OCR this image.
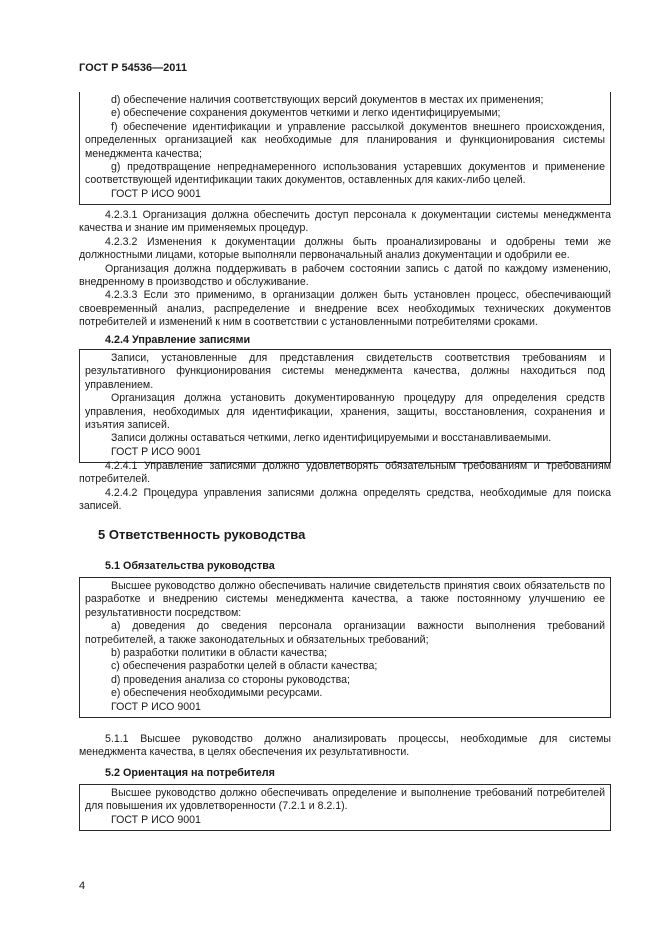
ГОСТ Р 54536—2011

d) обеспечение наличия соответствующих версий документов в местах их применения;

е) обеспечение сохранения документов четкими и легко идентифицируемыми;

f) обеспечение идентификации и управление рассылкой документов внешнего происхождения, определенных организацией как необходимые для планирования и функционирования системы менеджмента качества;

g) предотвращение непреднамеренного использования устаревших документов и применение соответствующей идентификации таких документов, оставленных для каких-либо целей.

ГОСТ Р ИСО 9001

4.2.3.1 Организация должна обеспечить доступ персонала к документации системы менеджмента качества и знание им применяемых процедур.

4.2.3.2 Изменения к документации должны быть проанализированы и одобрены теми же должностными лицами, которые выполняли первоначальный анализ документации и одобрили ее.

Организация должна поддерживать в рабочем состоянии запись с датой по каждому изменению, внедренному в производство и обслуживание.

4.2.3.3 Если это применимо, в организации должен быть установлен процесс, обеспечивающий своевременный анализ, распределение и внедрение всех необходимых технических документов потребителей и изменений к ним в соответствии с установленными потребителями сроками.

4.2.4 Управление записями

Записи, установленные для представления свидетельств соответствия требованиям и результативного функционирования системы менеджмента качества, должны находиться под управлением.

Организация должна установить документированную процедуру для определения средств управления, необходимых для идентификации, хранения, защиты, восстановления, сохранения и изъятия записей.

Записи должны оставаться четкими, легко идентифицируемыми и восстанавливаемыми.

ГОСТ Р ИСО 9001

4.2.4.1 Управление записями должно удовлетворять обязательным требованиям и требованиям потребителей.

4.2.4.2 Процедура управления записями должна определять средства, необходимые для поиска записей.

5 Ответственность руководства
5.1 Обязательства руководства

Высшее руководство должно обеспечивать наличие свидетельств принятия своих обязательств по разработке и внедрению системы менеджмента качества, а также постоянному улучшению ее результативности посредством:

а) доведения до сведения персонала организации важности выполнения требований потребителей, а также законодательных и обязательных требований;

b) разработки политики в области качества;

с) обеспечения разработки целей в области качества;

d) проведения анализа со стороны руководства;

е) обеспечения необходимыми ресурсами.

ГОСТ Р ИСО 9001

5.1.1 Высшее руководство должно анализировать процессы, необходимые для системы менеджмента качества, в целях обеспечения их результативности.

5.2 Ориентация на потребителя

Высшее руководство должно обеспечивать определение и выполнение требований потребителей для повышения их удовлетворенности (7.2.1 и 8.2.1).

ГОСТ Р ИСО 9001

4
